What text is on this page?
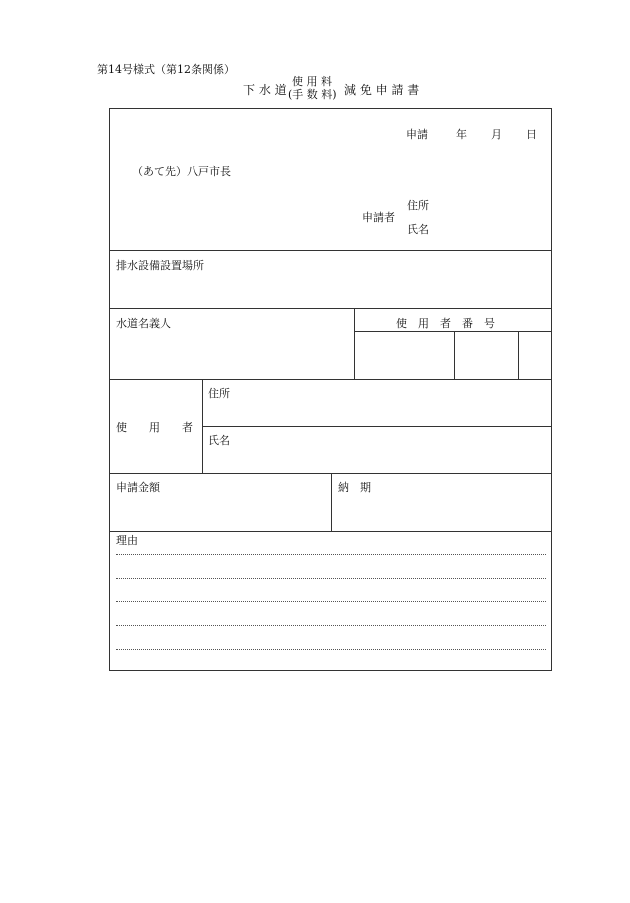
第14号様式（第12条関係）
下 水 道
使 用 料
(手 数 料) 減 免 申 請 書
申請	年 月 日
（あて先）八戸市長
申請者
住所
氏名
排水設備設置場所
水道名義人	使　用　者　番　号
使　　用　　者
住所
氏名
申請金額	納　期
理由
